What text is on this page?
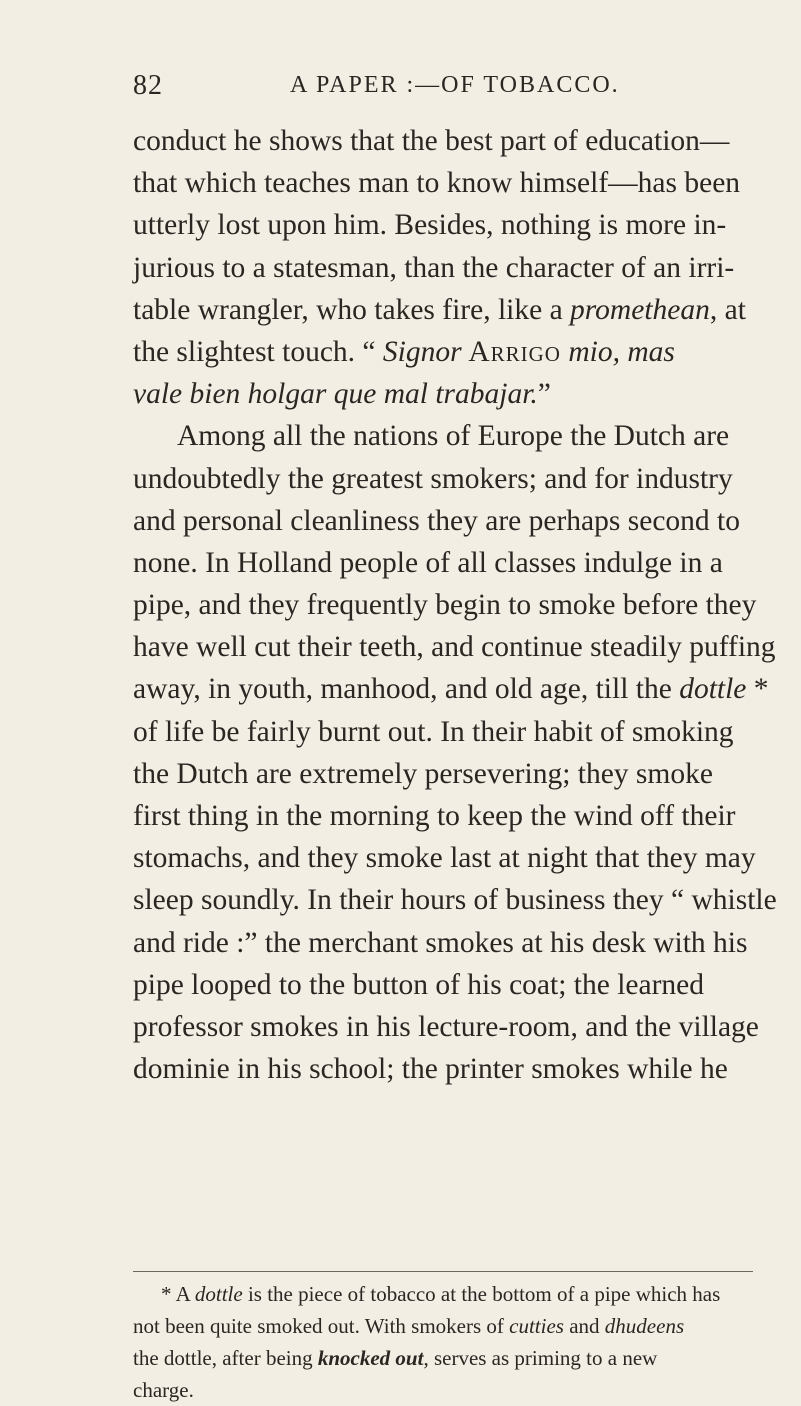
82	A PAPER :—OF TOBACCO.
conduct he shows that the best part of education—
that which teaches man to know himself—has been
utterly lost upon him. Besides, nothing is more in-
jurious to a statesman, than the character of an irri-
table wrangler, who takes fire, like a promethean, at
the slightest touch. “ Signor Arrigo mio, mas
vale bien holgar que mal trabajar.”
Among all the nations of Europe the Dutch are
undoubtedly the greatest smokers; and for industry
and personal cleanliness they are perhaps second to
none. In Holland people of all classes indulge in a
pipe, and they frequently begin to smoke before they
have well cut their teeth, and continue steadily puffing
away, in youth, manhood, and old age, till the dottle *
of life be fairly burnt out. In their habit of smoking
the Dutch are extremely persevering; they smoke
first thing in the morning to keep the wind off their
stomachs, and they smoke last at night that they may
sleep soundly. In their hours of business they “ whistle
and ride :” the merchant smokes at his desk with his
pipe looped to the button of his coat; the learned
professor smokes in his lecture-room, and the village
dominie in his school; the printer smokes while he
* A dottle is the piece of tobacco at the bottom of a pipe which has
not been quite smoked out. With smokers of cutties and dhudeens
the dottle, after being knocked out, serves as priming to a new
charge.
